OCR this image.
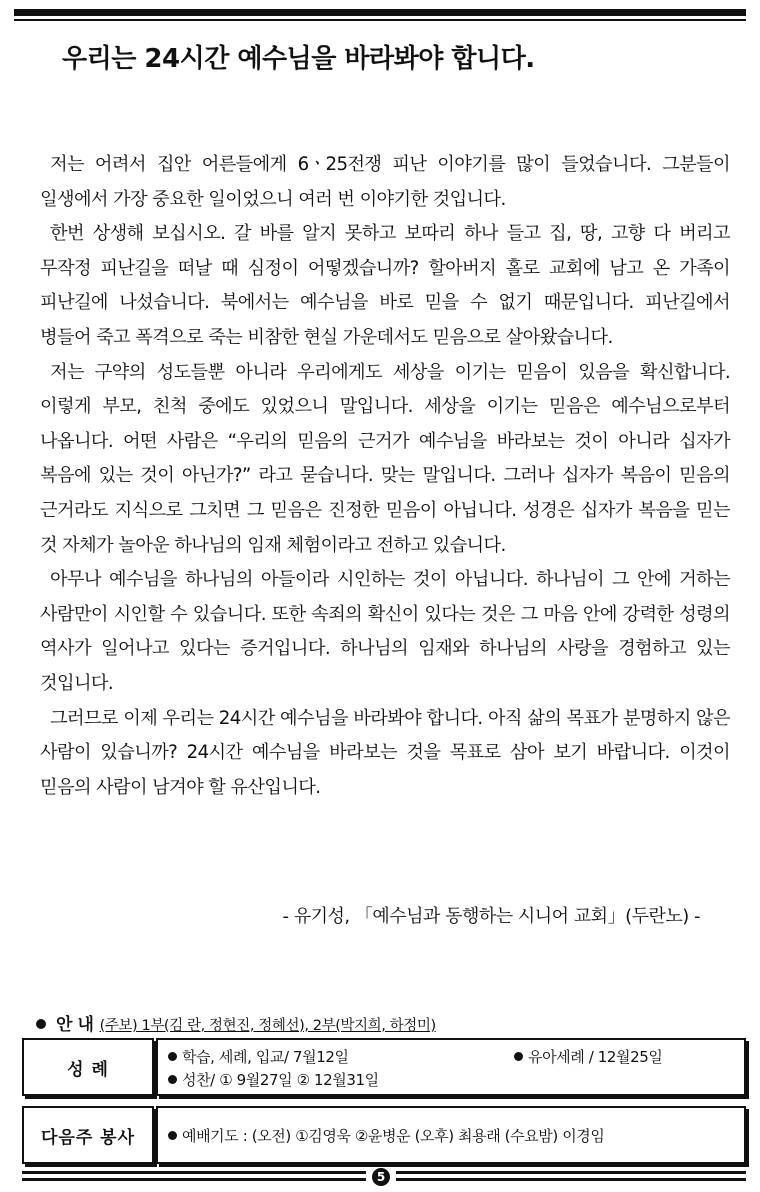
우리는 24시간 예수님을 바라봐야 합니다.

저는 어려서 집안 어른들에게 6ㆍ25전쟁 피난 이야기를 많이 들었습니다. 그분들이 일생에서 가장 중요한 일이었으니 여러 번 이야기한 것입니다.

한번 상생해 보십시오. 갈 바를 알지 못하고 보따리 하나 들고 집, 땅, 고향 다 버리고 무작정 피난길을 떠날 때 심정이 어떻겠습니까? 할아버지 홀로 교회에 남고 온 가족이 피난길에 나섰습니다. 북에서는 예수님을 바로 믿을 수 없기 때문입니다. 피난길에서 병들어 죽고 폭격으로 죽는 비참한 현실 가운데서도 믿음으로 살아왔습니다.

저는 구약의 성도들뿐 아니라 우리에게도 세상을 이기는 믿음이 있음을 확신합니다. 이렇게 부모, 친척 중에도 있었으니 말입니다. 세상을 이기는 믿음은 예수님으로부터 나옵니다. 어떤 사람은 “우리의 믿음의 근거가 예수님을 바라보는 것이 아니라 십자가 복음에 있는 것이 아닌가?” 라고 묻습니다. 맞는 말입니다. 그러나 십자가 복음이 믿음의 근거라도 지식으로 그치면 그 믿음은 진정한 믿음이 아닙니다. 성경은 십자가 복음을 믿는 것 자체가 놀아운 하나님의 임재 체험이라고 전하고 있습니다.

아무나 예수님을 하나님의 아들이라 시인하는 것이 아닙니다. 하나님이 그 안에 거하는 사람만이 시인할 수 있습니다. 또한 속죄의 확신이 있다는 것은 그 마음 안에 강력한 성령의 역사가 일어나고 있다는 증거입니다. 하나님의 임재와 하나님의 사랑을 경험하고 있는 것입니다.

그러므로 이제 우리는 24시간 예수님을 바라봐야 합니다. 아직 삶의 목표가 분명하지 않은 사람이 있습니까? 24시간 예수님을 바라보는 것을 목표로 삼아 보기 바랍니다. 이것이 믿음의 사람이 남겨야 할 유산입니다.

- 유기성, 「예수님과 동행하는 시니어 교회」(두란노) -
안 내 (주보) 1부(김 란, 정현진, 정혜선), 2부(박지희, 하정미)
성 례
학습, 세례, 입교/ 7월12일	유아세례 / 12월25일
성찬/ ① 9월27일 ② 12월31일
다음주 봉사	예배기도 : (오전) ①김영욱 ②윤병운 (오후) 최용래 (수요밤) 이경임
5
